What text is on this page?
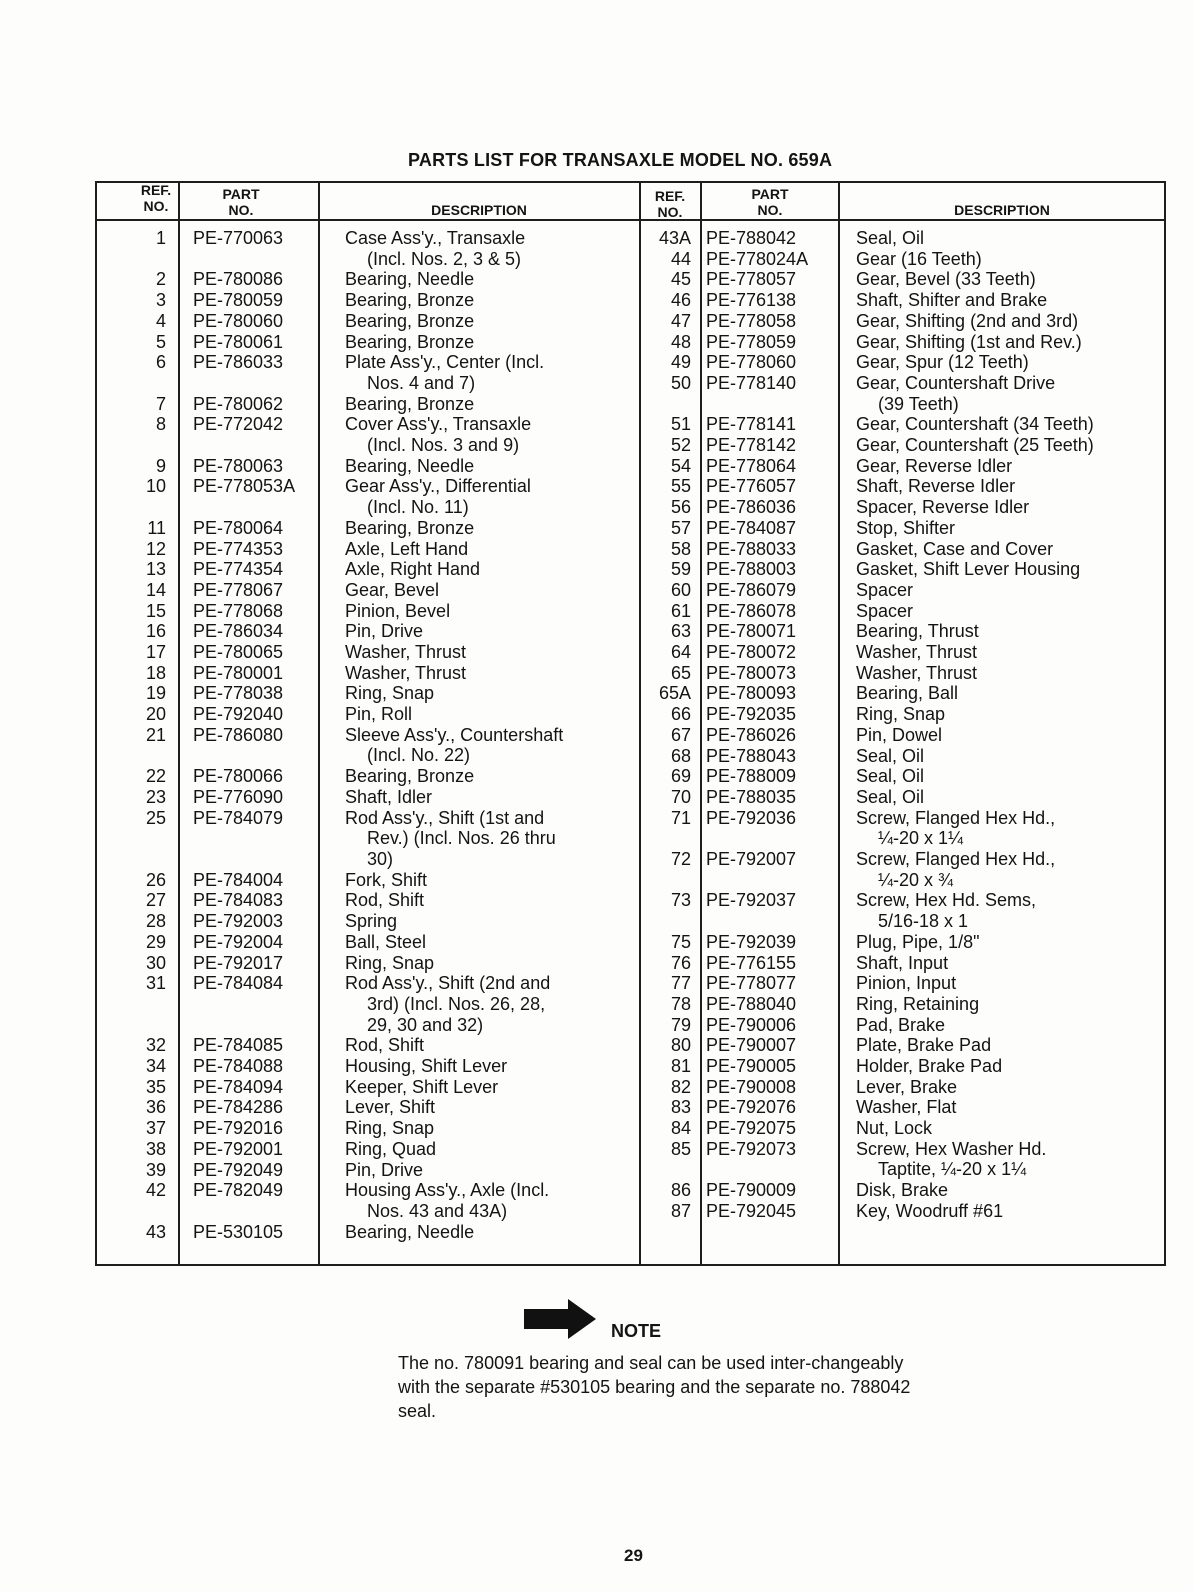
PARTS LIST FOR TRANSAXLE MODEL NO. 659A
REF.
NO.
PART
NO.	DESCRIPTION
REF.
NO.
PART
NO.	DESCRIPTION
1 PE-770063	Case Ass'y., Transaxle
(Incl. Nos. 2, 3 & 5)
2 PE-780086	Bearing, Needle
3 PE-780059	Bearing, Bronze
4 PE-780060	Bearing, Bronze
5 PE-780061	Bearing, Bronze
6 PE-786033	Plate Ass'y., Center (Incl.
Nos. 4 and 7)
7 PE-780062	Bearing, Bronze
8 PE-772042	Cover Ass'y., Transaxle
(Incl. Nos. 3 and 9)
9 PE-780063	Bearing, Needle
10 PE-778053A	Gear Ass'y., Differential
(Incl. No. 11)
11 PE-780064	Bearing, Bronze
12 PE-774353	Axle, Left Hand
13 PE-774354	Axle, Right Hand
14 PE-778067	Gear, Bevel
15 PE-778068	Pinion, Bevel
16 PE-786034	Pin, Drive
17 PE-780065	Washer, Thrust
18 PE-780001	Washer, Thrust
19 PE-778038	Ring, Snap
20 PE-792040	Pin, Roll
21 PE-786080	Sleeve Ass'y., Countershaft
(Incl. No. 22)
22 PE-780066	Bearing, Bronze
23 PE-776090	Shaft, Idler
25 PE-784079	Rod Ass'y., Shift (1st and
Rev.) (Incl. Nos. 26 thru
30)
26 PE-784004	Fork, Shift
27 PE-784083	Rod, Shift
28 PE-792003	Spring
29 PE-792004	Ball, Steel
30 PE-792017	Ring, Snap
31 PE-784084	Rod Ass'y., Shift (2nd and
3rd) (Incl. Nos. 26, 28,
29, 30 and 32)
32 PE-784085	Rod, Shift
34 PE-784088	Housing, Shift Lever
35 PE-784094	Keeper, Shift Lever
36 PE-784286	Lever, Shift
37 PE-792016	Ring, Snap
38 PE-792001	Ring, Quad
39 PE-792049	Pin, Drive
42 PE-782049	Housing Ass'y., Axle (Incl.
Nos. 43 and 43A)
43 PE-530105	Bearing, Needle
43A PE-788042	Seal, Oil
44 PE-778024A	Gear (16 Teeth)
45 PE-778057	Gear, Bevel (33 Teeth)
46 PE-776138	Shaft, Shifter and Brake
47 PE-778058	Gear, Shifting (2nd and 3rd)
48 PE-778059	Gear, Shifting (1st and Rev.)
49 PE-778060	Gear, Spur (12 Teeth)
50 PE-778140	Gear, Countershaft Drive
(39 Teeth)
51 PE-778141	Gear, Countershaft (34 Teeth)
52 PE-778142	Gear, Countershaft (25 Teeth)
54 PE-778064	Gear, Reverse Idler
55 PE-776057	Shaft, Reverse Idler
56 PE-786036	Spacer, Reverse Idler
57 PE-784087	Stop, Shifter
58 PE-788033	Gasket, Case and Cover
59 PE-788003	Gasket, Shift Lever Housing
60 PE-786079	Spacer
61 PE-786078	Spacer
63 PE-780071	Bearing, Thrust
64 PE-780072	Washer, Thrust
65 PE-780073	Washer, Thrust
65A PE-780093	Bearing, Ball
66 PE-792035	Ring, Snap
67 PE-786026	Pin, Dowel
68 PE-788043	Seal, Oil
69 PE-788009	Seal, Oil
70 PE-788035	Seal, Oil
71 PE-792036	Screw, Flanged Hex Hd.,
¼-20 x 1¼
72 PE-792007	Screw, Flanged Hex Hd.,
¼-20 x ¾
73 PE-792037	Screw, Hex Hd. Sems,
5/16-18 x 1
75 PE-792039	Plug, Pipe, 1/8"
76 PE-776155	Shaft, Input
77 PE-778077	Pinion, Input
78 PE-788040	Ring, Retaining
79 PE-790006	Pad, Brake
80 PE-790007	Plate, Brake Pad
81 PE-790005	Holder, Brake Pad
82 PE-790008	Lever, Brake
83 PE-792076	Washer, Flat
84 PE-792075	Nut, Lock
85 PE-792073	Screw, Hex Washer Hd.
Taptite, ¼-20 x 1¼
86 PE-790009	Disk, Brake
87 PE-792045	Key, Woodruff #61
NOTE
The no. 780091 bearing and seal can be used inter-changeably with the separate #530105 bearing and the separate no. 788042 seal.
29
